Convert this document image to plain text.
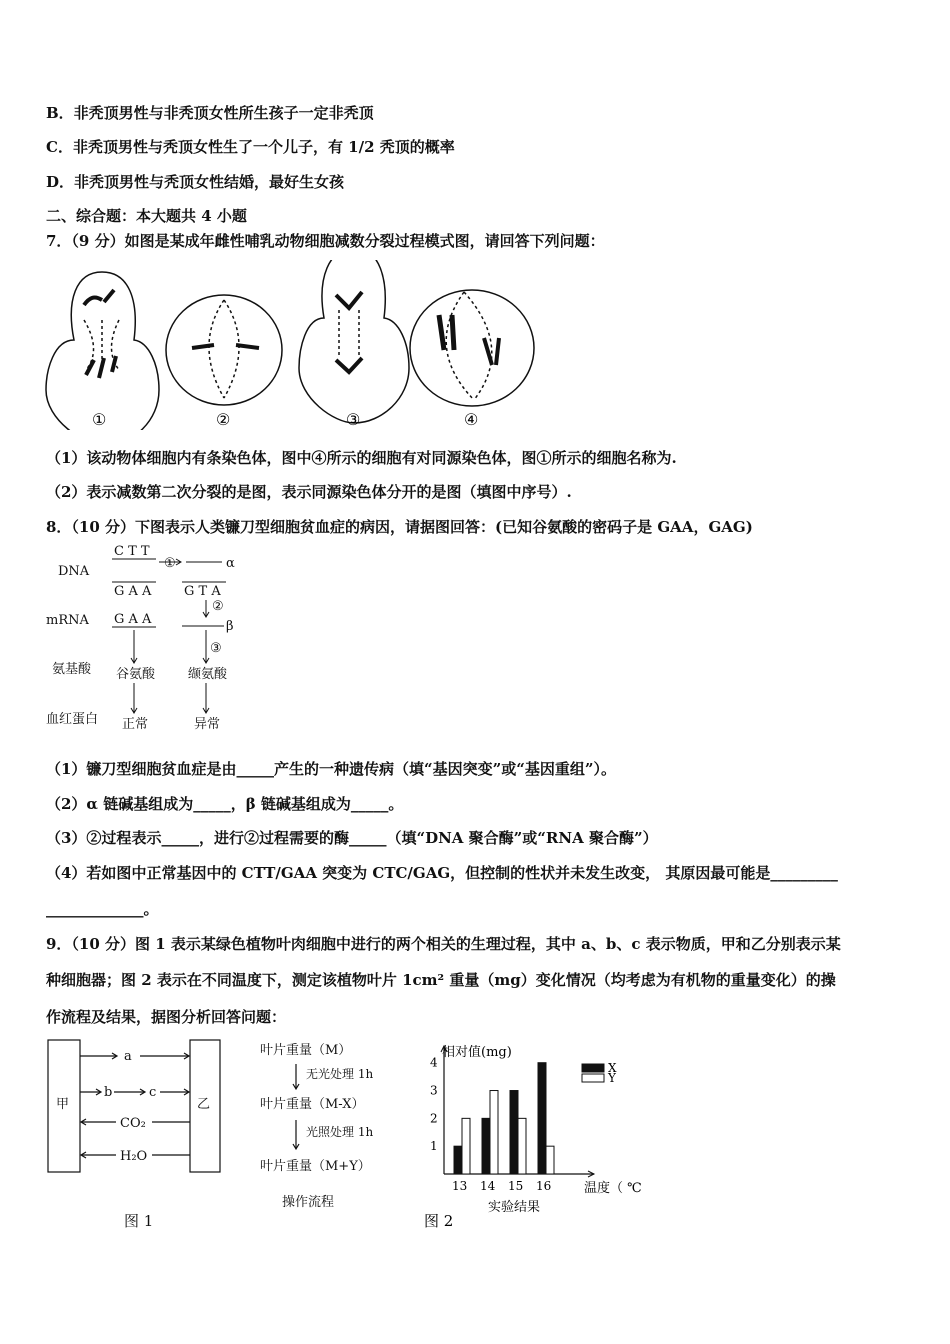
B．非秃顶男性与非秃顶女性所生孩子一定非秃顶
C．非秃顶男性与秃顶女性生了一个儿子，有 1/2 秃顶的概率
D．非秃顶男性与秃顶女性结婚，最好生女孩
二、综合题：本大题共 4 小题
7．（9 分）如图是某成年雌性哺乳动物细胞减数分裂过程模式图，请回答下列问题：
①	②	③	④
（1）该动物体细胞内有条染色体，图中④所示的细胞有对同源染色体，图①所示的细胞名称为.
（2）表示减数第二次分裂的是图，表示同源染色体分开的是图（填图中序号）.
8．（10 分）下图表示人类镰刀型细胞贫血症的病因，请据图回答：(已知谷氨酸的密码子是 GAA，GAG)
DNA
mRNA
氨基酸
血红蛋白
C T T
G A A	G T A
G A A
①
②
③
α
β
谷氨酸	缬氨酸
正常	异常
（1）镰刀型细胞贫血症是由_____产生的一种遗传病（填“基因突变”或“基因重组”）。
（2）α 链碱基组成为_____，β 链碱基组成为_____。
（3）②过程表示_____，进行②过程需要的酶_____（填“DNA 聚合酶”或“RNA 聚合酶”）
（4）若如图中正常基因中的 CTT/GAA 突变为 CTC/GAG，但控制的性状并未发生改变， 其原因最可能是_________
_____________。
9．（10 分）图 1 表示某绿色植物叶肉细胞中进行的两个相关的生理过程，其中 a、b、c 表示物质，甲和乙分别表示某
种细胞器；图 2 表示在不同温度下，测定该植物叶片 1cm² 重量（mg）变化情况（均考虑为有机物的重量变化）的操
作流程及结果，据图分析回答问题：
甲	乙
a
b	c
CO₂
H₂O
图 1
叶片重量（M）
无光处理 1h
叶片重量（M-X）
光照处理 1h
叶片重量（M+Y）
操作流程
相对值(mg)
温度（ ℃
实验结果
图 2
1
2
3
4
13 14 15 16
X
Y
